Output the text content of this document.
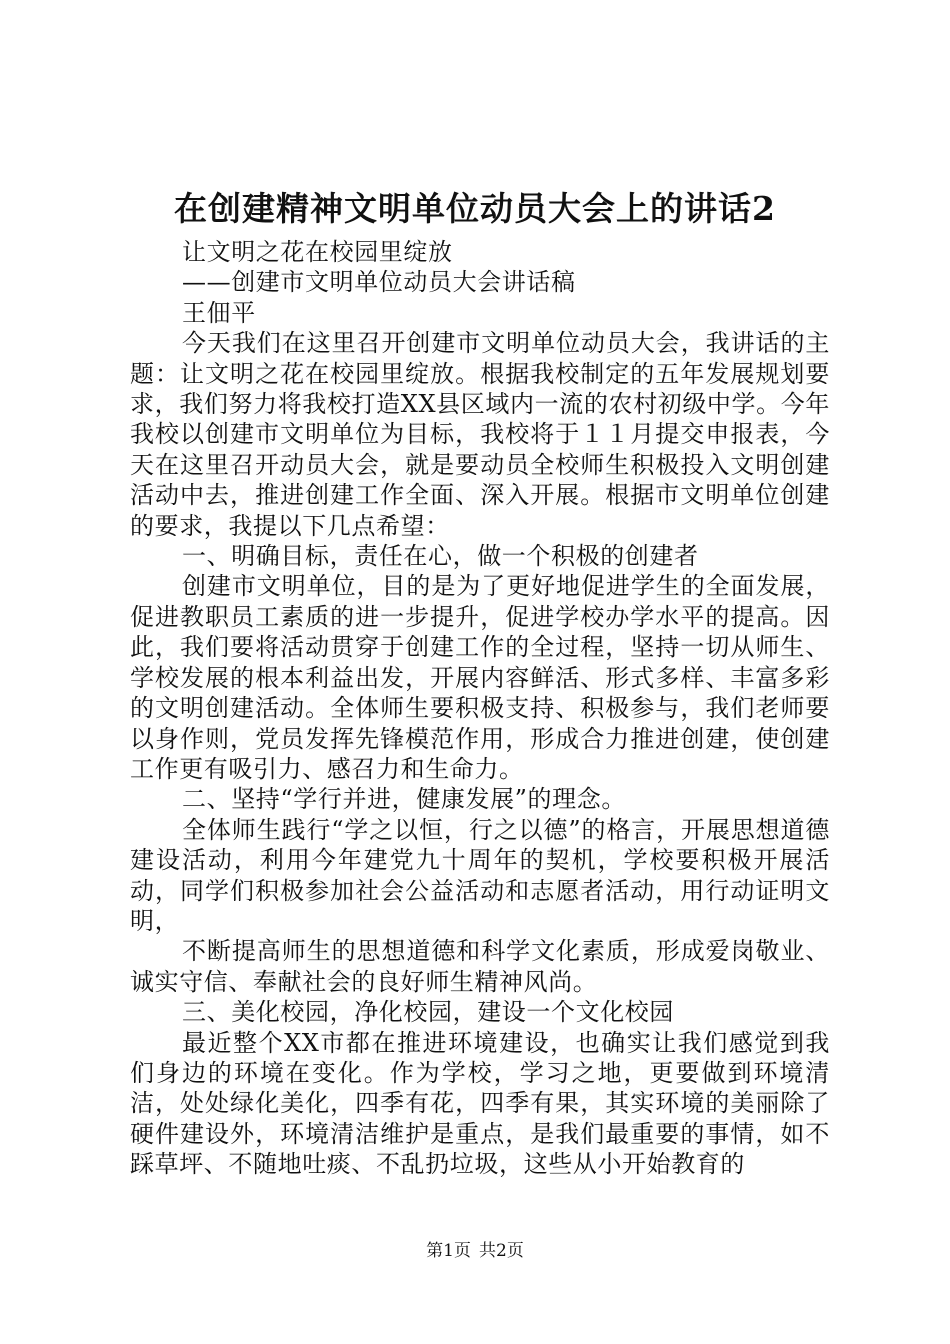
在创建精神文明单位动员大会上的讲话2

让文明之花在校园里绽放

——创建市文明单位动员大会讲话稿

王佃平

今天我们在这里召开创建市文明单位动员大会，我讲话的主题：让文明之花在校园里绽放。根据我校制定的五年发展规划要求，我们努力将我校打造XX县区域内一流的农村初级中学。今年我校以创建市文明单位为目标，我校将于１１月提交申报表，今天在这里召开动员大会，就是要动员全校师生积极投入文明创建活动中去，推进创建工作全面、深入开展。根据市文明单位创建的要求，我提以下几点希望：

一、明确目标，责任在心，做一个积极的创建者

创建市文明单位，目的是为了更好地促进学生的全面发展，促进教职员工素质的进一步提升，促进学校办学水平的提高。因此，我们要将活动贯穿于创建工作的全过程，坚持一切从师生、学校发展的根本利益出发，开展内容鲜活、形式多样、丰富多彩的文明创建活动。全体师生要积极支持、积极参与，我们老师要以身作则，党员发挥先锋模范作用，形成合力推进创建，使创建工作更有吸引力、感召力和生命力。

二、坚持“学行并进，健康发展”的理念。

全体师生践行“学之以恒，行之以德”的格言，开展思想道德建设活动，利用今年建党九十周年的契机，学校要积极开展活动，同学们积极参加社会公益活动和志愿者活动，用行动证明文明，

不断提高师生的思想道德和科学文化素质，形成爱岗敬业、诚实守信、奉献社会的良好师生精神风尚。

三、美化校园，净化校园，建设一个文化校园

最近整个XX市都在推进环境建设，也确实让我们感觉到我们身边的环境在变化。作为学校，学习之地，更要做到环境清洁，处处绿化美化，四季有花，四季有果，其实环境的美丽除了硬件建设外，环境清洁维护是重点，是我们最重要的事情，如不踩草坪、不随地吐痰、不乱扔垃圾，这些从小开始教育的

第1页 共2页
